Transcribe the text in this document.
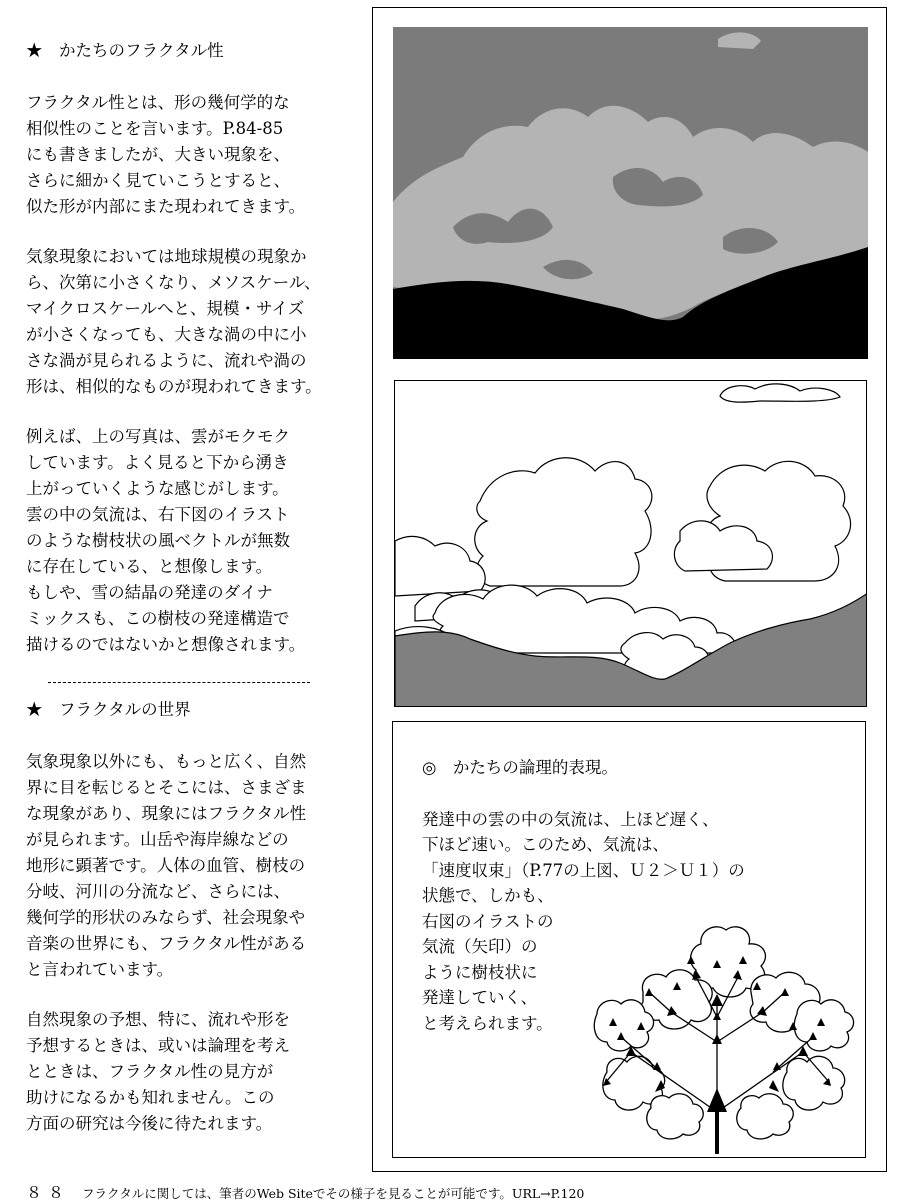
★　かたちのフラクタル性
フラクタル性とは、形の幾何学的な
相似性のことを言います。P.84-85
にも書きましたが、大きい現象を、
さらに細かく見ていこうとすると、
似た形が内部にまた現われてきます。
気象現象においては地球規模の現象か
ら、次第に小さくなり、メソスケール、
マイクロスケールへと、規模・サイズ
が小さくなっても、大きな渦の中に小
さな渦が見られるように、流れや渦の
形は、相似的なものが現われてきます。
例えば、上の写真は、雲がモクモク
しています。よく見ると下から湧き
上がっていくような感じがします。
雲の中の気流は、右下図のイラスト
のような樹枝状の風ベクトルが無数
に存在している、と想像します。
もしや、雪の結晶の発達のダイナ
ミックスも、この樹枝の発達構造で
描けるのではないかと想像されます。
★　フラクタルの世界
気象現象以外にも、もっと広く、自然
界に目を転じるとそこには、さまざま
な現象があり、現象にはフラクタル性
が見られます。山岳や海岸線などの
地形に顕著です。人体の血管、樹枝の
分岐、河川の分流など、さらには、
幾何学的形状のみならず、社会現象や
音楽の世界にも、フラクタル性がある
と言われています。
自然現象の予想、特に、流れや形を
予想するときは、或いは論理を考え
とときは、フラクタル性の見方が
助けになるかも知れません。この
方面の研究は今後に待たれます。
◎　かたちの論理的表現。
発達中の雲の中の気流は、上ほど遅く、
下ほど速い。このため、気流は、
「速度収束」（P.77の上図、Ｕ２＞Ｕ１）の
状態で、しかも、
右図のイラストの
気流（矢印）の
ように樹枝状に
発達していく、
と考えられます。
８８ フラクタルに関しては、筆者のWeb Siteでその様子を見ることが可能です。URL→P.120
